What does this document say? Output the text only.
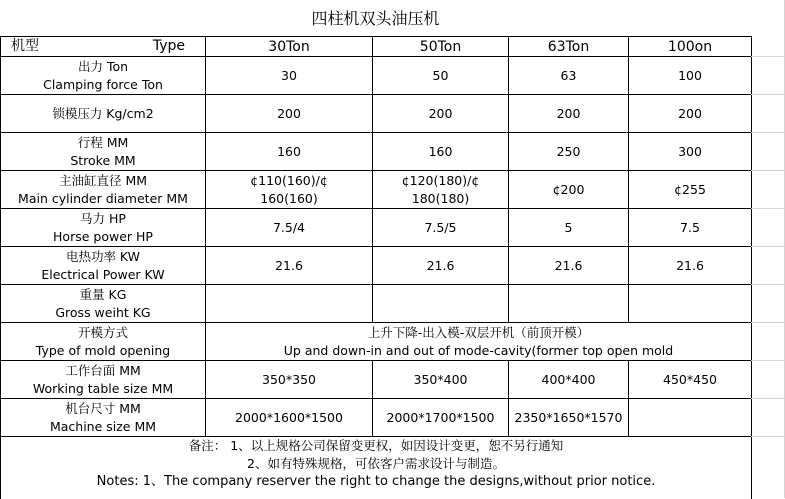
四柱机双头油压机
机型 Type	30Ton	50Ton	63Ton	100on

出力 Ton
Clamping force Ton	30	50	63	100

锁模压力 Kg/cm2	200	200	200	200

行程 MM
Stroke MM	160	160	250	300

主油缸直径 MM
Main cylinder diameter MM	¢110(160)/¢
160(160)	¢120(180)/¢
180(180)	¢200	¢255

马力 HP
Horse power HP	7.5/4	7.5/5	5	7.5

电热功率 KW
Electrical Power KW	21.6	21.6	21.6	21.6

重量 KG
Gross weiht KG				

开模方式
Type of mold opening	上升下降-出入模-双层开机（前顶开模）
Up and down-in and out of mode-cavity(former top open mold			

工作台面 MM
Working table size MM	350*350	350*400	400*400	450*450

机台尺寸 MM
Machine size MM	2000*1600*1500	2000*1700*1500	2350*1650*1570	

备注： 1、以上规格公司保留变更权，如因设计变更，恕不另行通知
2、如有特殊规格，可依客户需求设计与制造。
Notes: 1、The company reserver the right to change the designs,without prior notice.				
